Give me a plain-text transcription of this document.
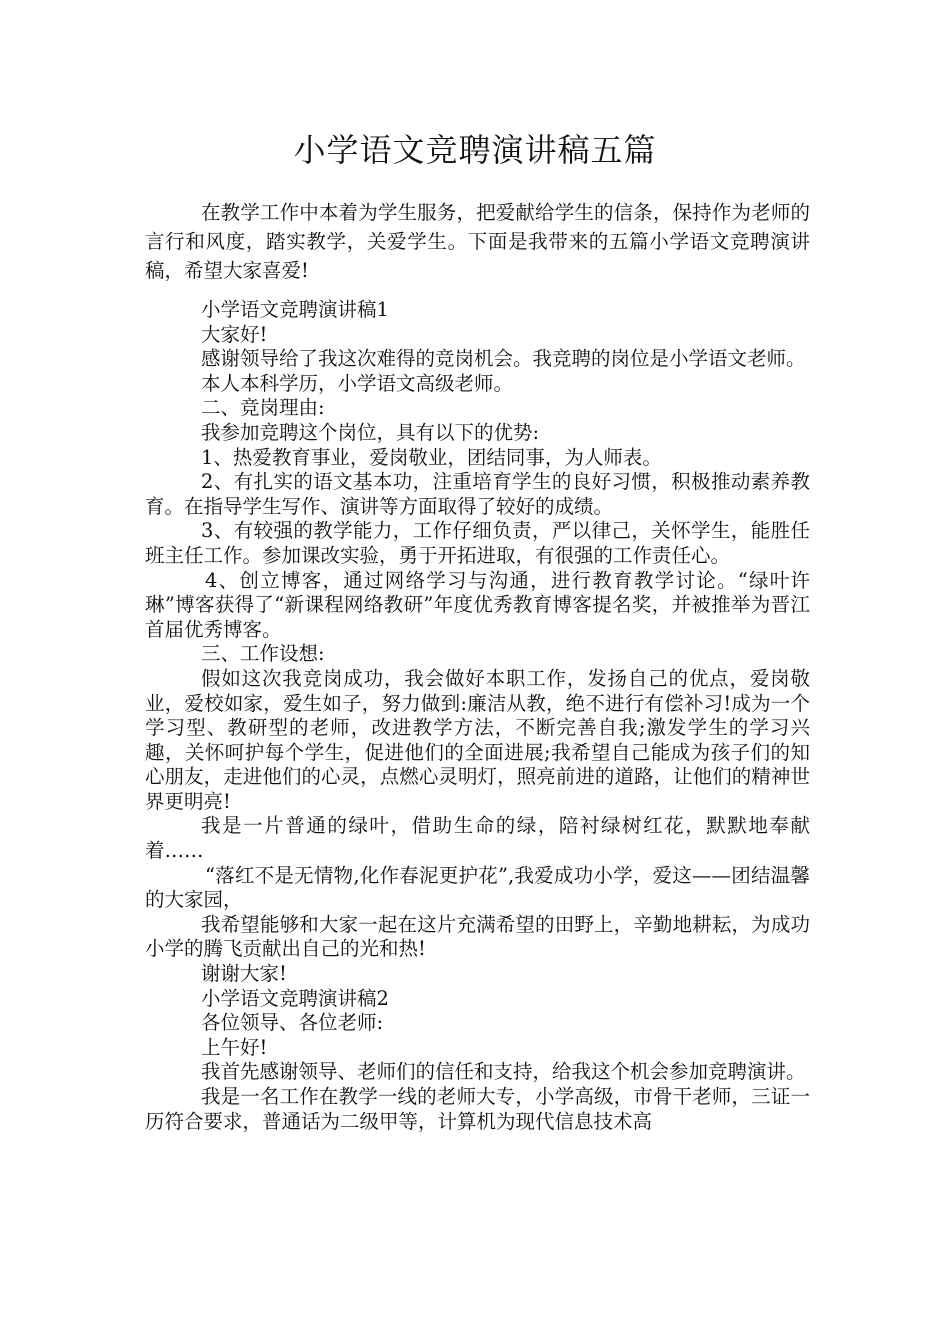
小学语文竞聘演讲稿五篇

在教学工作中本着为学生服务，把爱献给学生的信条，保持作为老师的言行和风度，踏实教学，关爱学生。下面是我带来的五篇小学语文竞聘演讲稿，希望大家喜爱!

小学语文竞聘演讲稿1

大家好!

感谢领导给了我这次难得的竞岗机会。我竞聘的岗位是小学语文老师。

本人本科学历，小学语文高级老师。

二、竞岗理由:

我参加竞聘这个岗位，具有以下的优势:

1、热爱教育事业，爱岗敬业，团结同事，为人师表。

2、有扎实的语文基本功，注重培育学生的良好习惯，积极推动素养教育。在指导学生写作、演讲等方面取得了较好的成绩。

3、有较强的教学能力，工作仔细负责，严以律己，关怀学生，能胜任班主任工作。参加课改实验，勇于开拓进取，有很强的工作责任心。

4、创立博客，通过网络学习与沟通，进行教育教学讨论。“绿叶许琳”博客获得了“新课程网络教研”年度优秀教育博客提名奖，并被推举为晋江首届优秀博客。

三、工作设想:

假如这次我竞岗成功，我会做好本职工作，发扬自己的优点，爱岗敬业，爱校如家，爱生如子，努力做到:廉洁从教，绝不进行有偿补习!成为一个学习型、教研型的老师，改进教学方法，不断完善自我;激发学生的学习兴趣，关怀呵护每个学生，促进他们的全面进展;我希望自己能成为孩子们的知心朋友，走进他们的心灵，点燃心灵明灯，照亮前进的道路，让他们的精神世界更明亮!

我是一片普通的绿叶，借助生命的绿，陪衬绿树红花，默默地奉献着……

“落红不是无情物,化作春泥更护花”,我爱成功小学，爱这——团结温馨的大家园，

我希望能够和大家一起在这片充满希望的田野上，辛勤地耕耘，为成功小学的腾飞贡献出自己的光和热!

谢谢大家!

小学语文竞聘演讲稿2

各位领导、各位老师:

上午好!

我首先感谢领导、老师们的信任和支持，给我这个机会参加竞聘演讲。

我是一名工作在教学一线的老师大专，小学高级，市骨干老师，三证一历符合要求，普通话为二级甲等，计算机为现代信息技术高
